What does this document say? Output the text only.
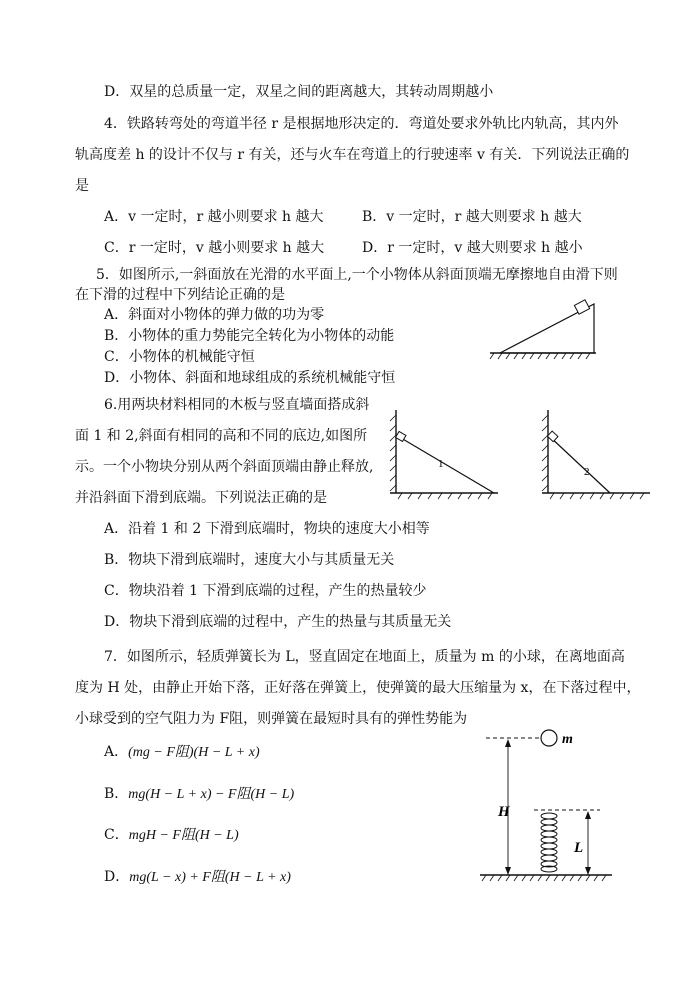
D．双星的总质量一定，双星之间的距离越大，其转动周期越小
4．铁路转弯处的弯道半径 r 是根据地形决定的．弯道处要求外轨比内轨高，其内外
轨高度差 h 的设计不仅与 r 有关，还与火车在弯道上的行驶速率 v 有关．下列说法正确的
是
A．v 一定时，r 越小则要求 h 越大	B．v 一定时，r 越大则要求 h 越大
C．r 一定时，v 越小则要求 h 越大	D．r 一定时，v 越大则要求 h 越小
5．如图所示,一斜面放在光滑的水平面上,一个小物体从斜面顶端无摩擦地自由滑下则
在下滑的过程中下列结论正确的是
A．斜面对小物体的弹力做的功为零
B．小物体的重力势能完全转化为小物体的动能
C．小物体的机械能守恒
D．小物体、斜面和地球组成的系统机械能守恒
6.用两块材料相同的木板与竖直墙面搭成斜
面 1 和 2,斜面有相同的高和不同的底边,如图所
示。一个小物块分别从两个斜面顶端由静止释放,
并沿斜面下滑到底端。下列说法正确的是
A．沿着 1 和 2 下滑到底端时，物块的速度大小相等
B．物块下滑到底端时，速度大小与其质量无关
C．物块沿着 1 下滑到底端的过程，产生的热量较少
D．物块下滑到底端的过程中，产生的热量与其质量无关
1
2
7．如图所示，轻质弹簧长为 L，竖直固定在地面上，质量为 m 的小球，在离地面高
度为 H 处，由静止开始下落，正好落在弹簧上，使弹簧的最大压缩量为 x，在下落过程中，
小球受到的空气阻力为 F阻，则弹簧在最短时具有的弹性势能为
A．(mg − F阻)(H − L + x)
B．mg(H − L + x) − F阻(H − L)
C．mgH − F阻(H − L)
D．mg(L − x) + F阻(H − L + x)
m
H
L
